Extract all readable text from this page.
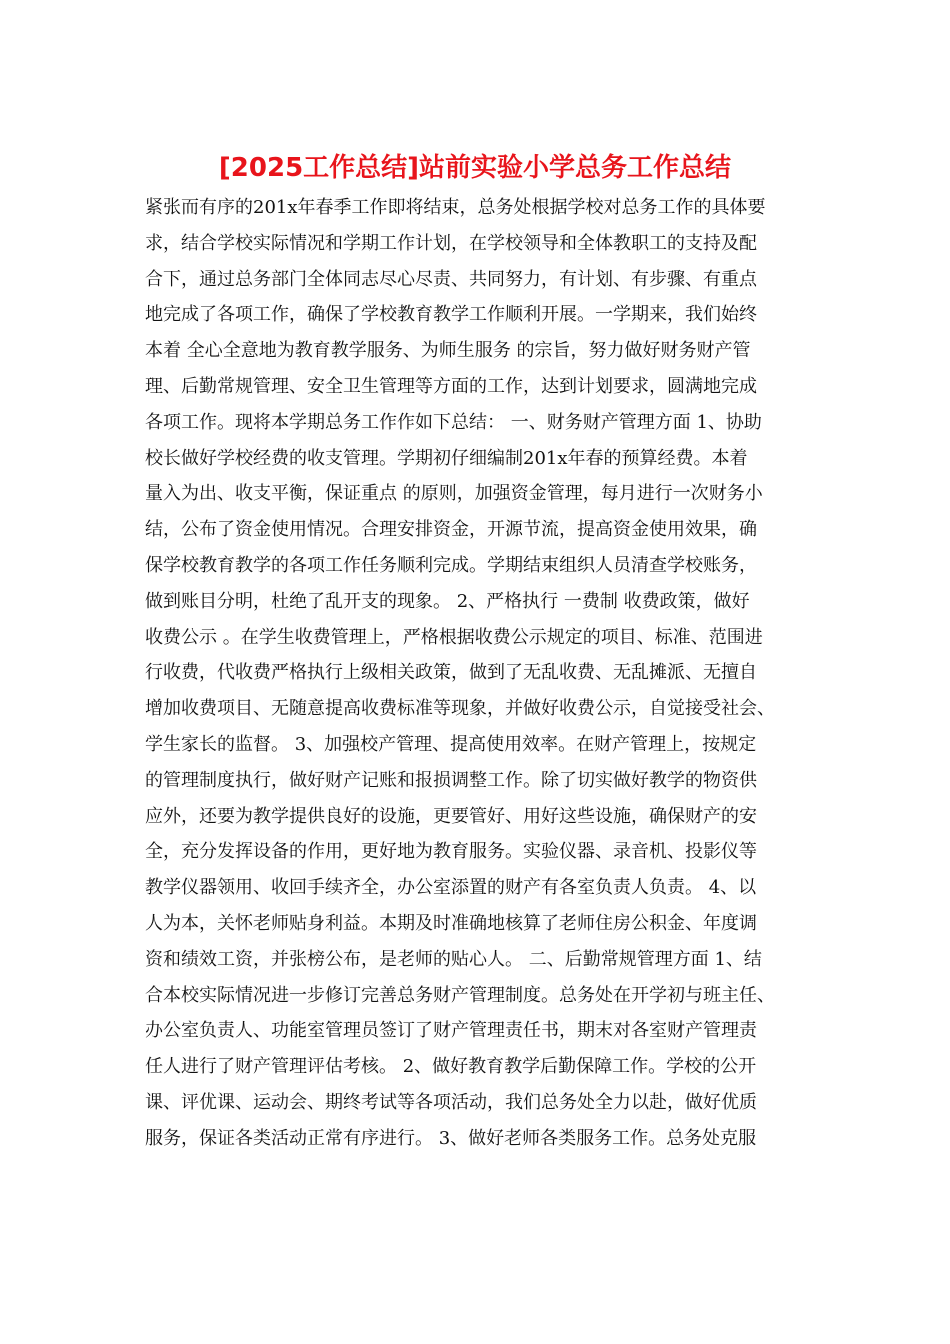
[2025工作总结]站前实验小学总务工作总结
紧张而有序的201x年春季工作即将结束，总务处根据学校对总务工作的具体要
求，结合学校实际情况和学期工作计划，在学校领导和全体教职工的支持及配
合下，通过总务部门全体同志尽心尽责、共同努力，有计划、有步骤、有重点
地完成了各项工作，确保了学校教育教学工作顺利开展。一学期来，我们始终
本着 全心全意地为教育教学服务、为师生服务 的宗旨，努力做好财务财产管
理、后勤常规管理、安全卫生管理等方面的工作，达到计划要求，圆满地完成
各项工作。现将本学期总务工作作如下总结： 一、财务财产管理方面 1、协助
校长做好学校经费的收支管理。学期初仔细编制201x年春的预算经费。本着
量入为出、收支平衡，保证重点 的原则，加强资金管理，每月进行一次财务小
结，公布了资金使用情况。合理安排资金，开源节流，提高资金使用效果，确
保学校教育教学的各项工作任务顺利完成。学期结束组织人员清查学校账务，
做到账目分明，杜绝了乱开支的现象。 2、严格执行 一费制 收费政策，做好
收费公示 。在学生收费管理上，严格根据收费公示规定的项目、标准、范围进
行收费，代收费严格执行上级相关政策，做到了无乱收费、无乱摊派、无擅自
增加收费项目、无随意提高收费标准等现象，并做好收费公示，自觉接受社会、
学生家长的监督。 3、加强校产管理、提高使用效率。在财产管理上，按规定
的管理制度执行，做好财产记账和报损调整工作。除了切实做好教学的物资供
应外，还要为教学提供良好的设施，更要管好、用好这些设施，确保财产的安
全，充分发挥设备的作用，更好地为教育服务。实验仪器、录音机、投影仪等
教学仪器领用、收回手续齐全，办公室添置的财产有各室负责人负责。 4、以
人为本，关怀老师贴身利益。本期及时准确地核算了老师住房公积金、年度调
资和绩效工资，并张榜公布，是老师的贴心人。 二、后勤常规管理方面 1、结
合本校实际情况进一步修订完善总务财产管理制度。总务处在开学初与班主任、
办公室负责人、功能室管理员签订了财产管理责任书，期末对各室财产管理责
任人进行了财产管理评估考核。 2、做好教育教学后勤保障工作。学校的公开
课、评优课、运动会、期终考试等各项活动，我们总务处全力以赴，做好优质
服务，保证各类活动正常有序进行。 3、做好老师各类服务工作。总务处克服
